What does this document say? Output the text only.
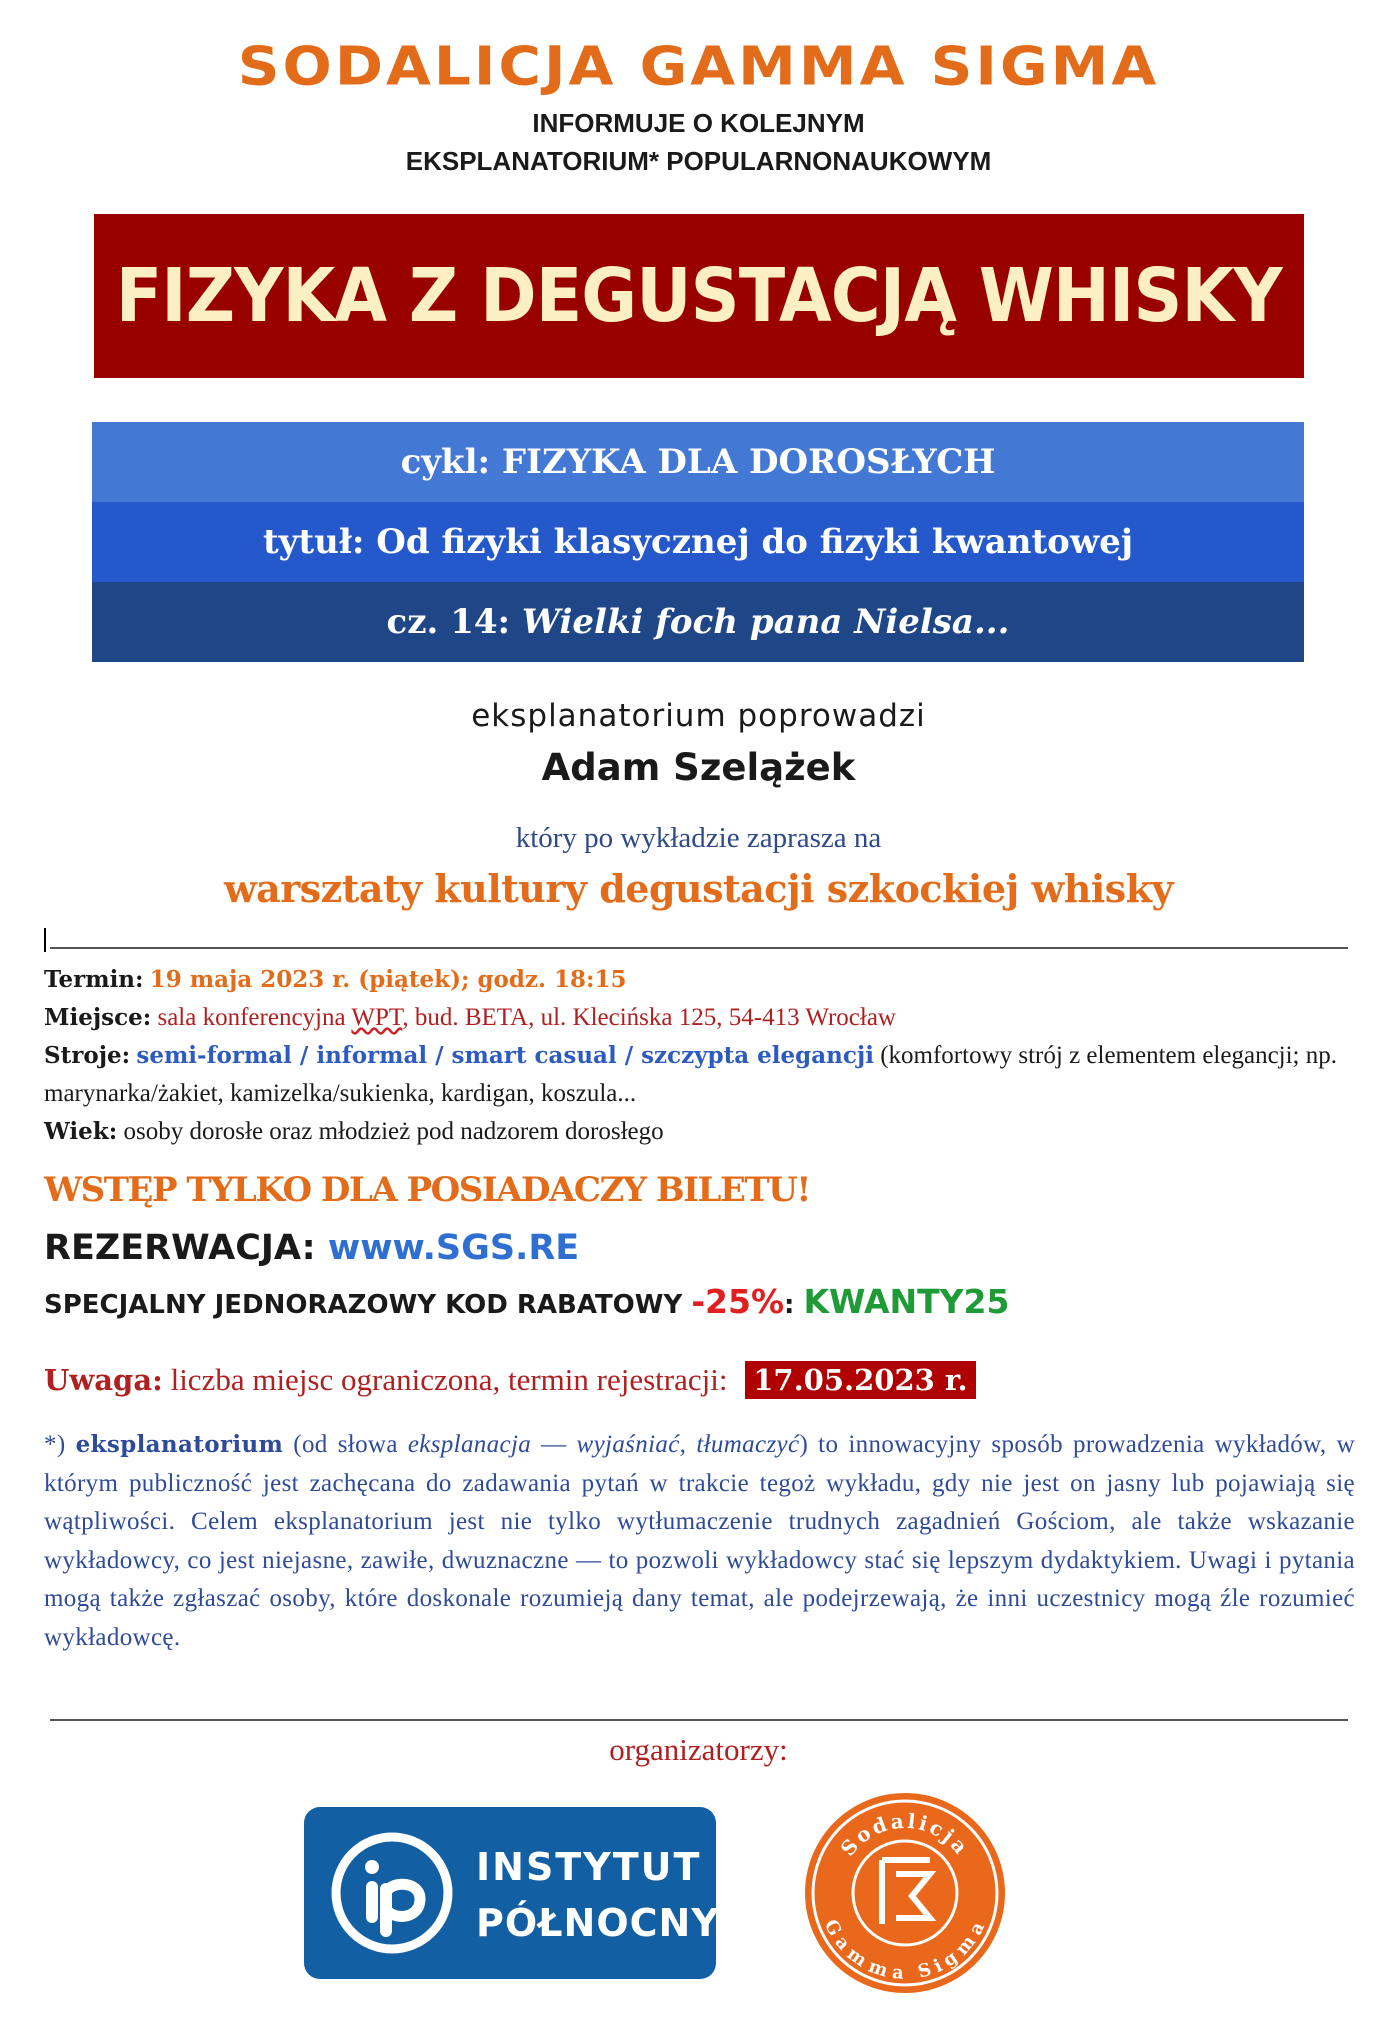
SODALICJA GAMMA SIGMA
INFORMUJE O KOLEJNYM
EKSPLANATORIUM* POPULARNONAUKOWYM
FIZYKA Z DEGUSTACJĄ WHISKY
cykl: FIZYKA DLA DOROSŁYCH
tytuł: Od fizyki klasycznej do fizyki kwantowej
cz. 14: Wielki foch pana Nielsa...
eksplanatorium poprowadzi
Adam Szelążek
który po wykładzie zaprasza na
warsztaty kultury degustacji szkockiej whisky
Termin: 19 maja 2023 r. (piątek); godz. 18:15
Miejsce: sala konferencyjna WPT, bud. BETA, ul. Klecińska 125, 54-413 Wrocław
Stroje: semi-formal / informal / smart casual / szczypta elegancji (komfortowy strój z elementem elegancji; np. marynarka/żakiet, kamizelka/sukienka, kardigan, koszula...
Wiek: osoby dorosłe oraz młodzież pod nadzorem dorosłego
WSTĘP TYLKO DLA POSIADACZY BILETU!
REZERWACJA: www.SGS.RE
SPECJALNY JEDNORAZOWY KOD RABATOWY -25%: KWANTY25
Uwaga: liczba miejsc ograniczona, termin rejestracji: 17.05.2023 r.
*) eksplanatorium (od słowa eksplanacja — wyjaśniać, tłumaczyć) to innowacyjny sposób prowadzenia wykładów, w którym publiczność jest zachęcana do zadawania pytań w trakcie tegoż wykładu, gdy nie jest on jasny lub pojawiają się wątpliwości. Celem eksplanatorium jest nie tylko wytłumaczenie trudnych zagadnień Gościom, ale także wskazanie wykładowcy, co jest niejasne, zawiłe, dwuznaczne — to pozwoli wykładowcy stać się lepszym dydaktykiem. Uwagi i pytania mogą także zgłaszać osoby, które doskonale rozumieją dany temat, ale podejrzewają, że inni uczestnicy mogą źle rozumieć wykładowcę.
organizatorzy:
INSTYTUT
PÓŁNOCNY
Sodalicja
Gamma Sigma
